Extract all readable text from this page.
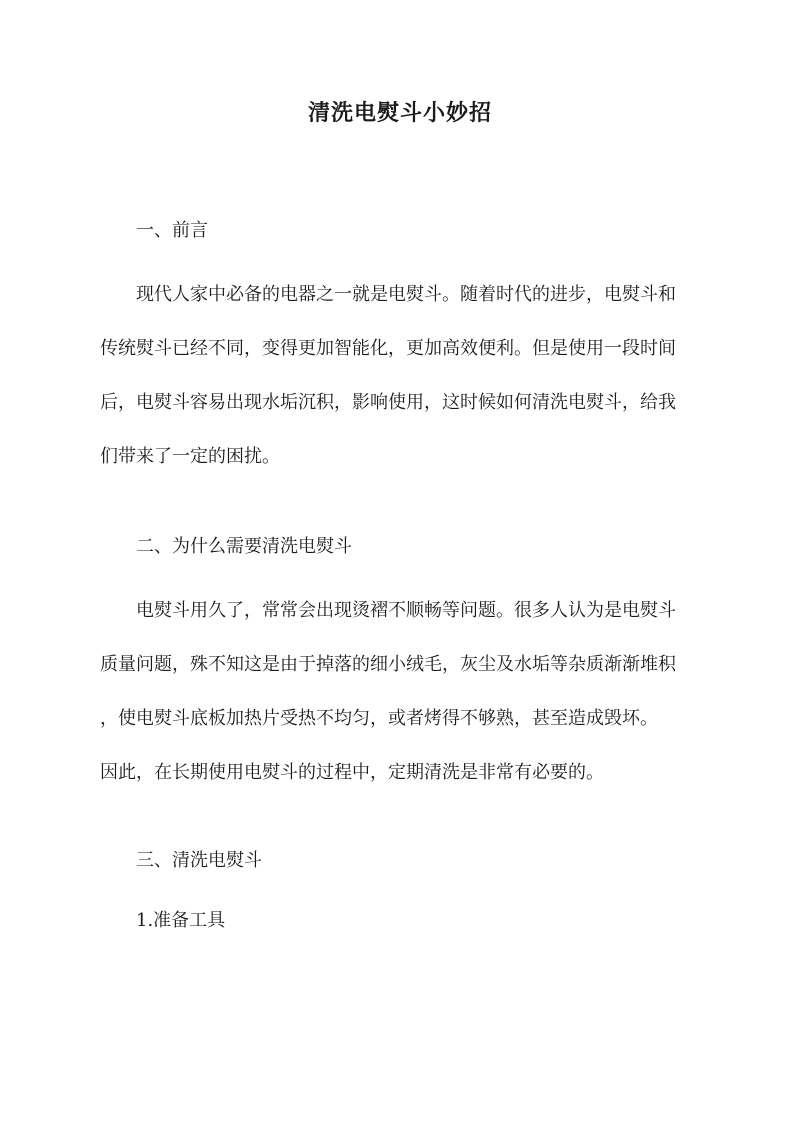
清洗电熨斗小妙招
一、前言
现代人家中必备的电器之一就是电熨斗。随着时代的进步，电熨斗和
传统熨斗已经不同，变得更加智能化，更加高效便利。但是使用一段时间
后，电熨斗容易出现水垢沉积，影响使用，这时候如何清洗电熨斗，给我
们带来了一定的困扰。
二、为什么需要清洗电熨斗
电熨斗用久了，常常会出现烫褶不顺畅等问题。很多人认为是电熨斗
质量问题，殊不知这是由于掉落的细小绒毛，灰尘及水垢等杂质渐渐堆积
，使电熨斗底板加热片受热不均匀，或者烤得不够熟，甚至造成毁坏。
因此，在长期使用电熨斗的过程中，定期清洗是非常有必要的。
三、清洗电熨斗
1.准备工具
